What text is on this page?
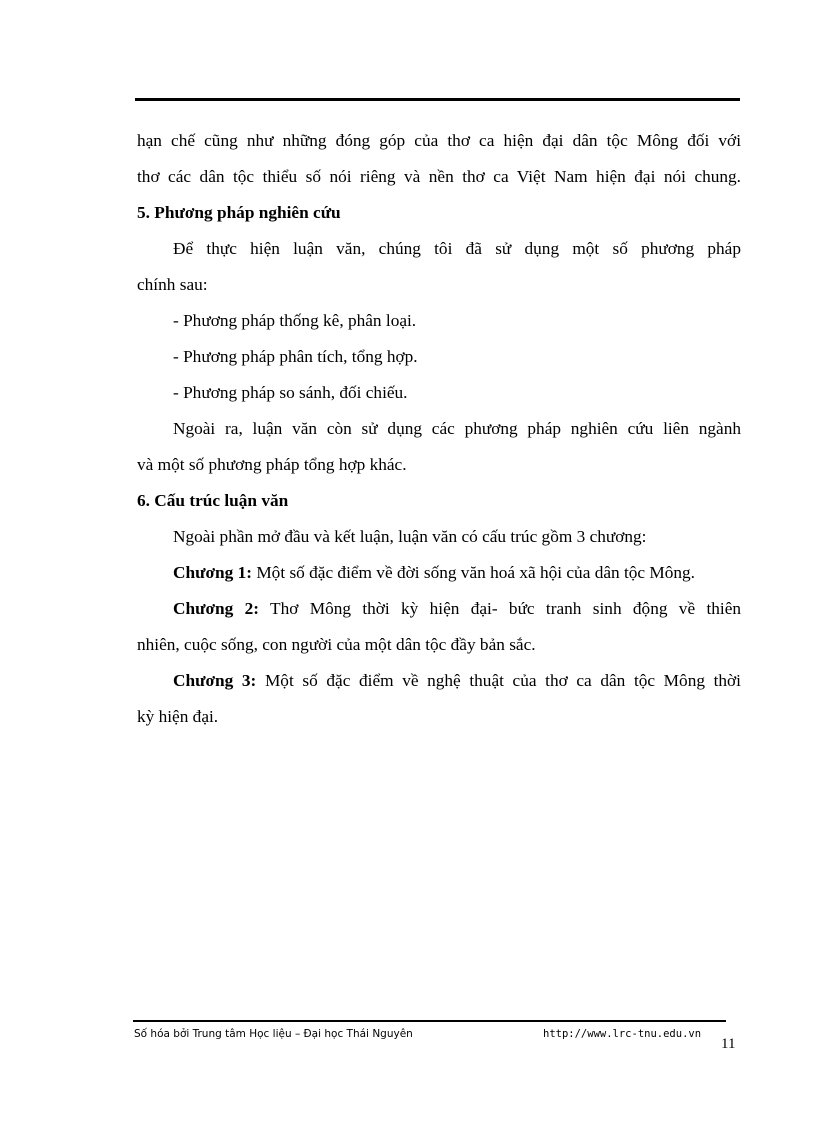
hạn chế cũng như những đóng góp của thơ ca hiện đại dân tộc Mông đối với
thơ các dân tộc thiểu số nói riêng và nền thơ ca Việt Nam hiện đại nói chung.
5. Phương pháp nghiên cứu
Để thực hiện luận văn, chúng tôi đã sử dụng một số phương pháp
chính sau:
- Phương pháp thống kê, phân loại.
- Phương pháp phân tích, tổng hợp.
- Phương pháp so sánh, đối chiếu.
Ngoài ra, luận văn còn sử dụng các phương pháp nghiên cứu liên ngành
và một số phương pháp tổng hợp khác.
6. Cấu trúc luận văn
Ngoài phần mở đầu và kết luận, luận văn có cấu trúc gồm 3 chương:
Chương 1: Một số đặc điểm về đời sống văn hoá xã hội của dân tộc Mông.
Chương 2: Thơ Mông thời kỳ hiện đại- bức tranh sinh động về thiên
nhiên, cuộc sống, con người của một dân tộc đầy bản sắc.
Chương 3: Một số đặc điểm về nghệ thuật của thơ ca dân tộc Mông thời
kỳ hiện đại.
Số hóa bởi Trung tâm Học liệu – Đại học Thái Nguyên	http://www.lrc-tnu.edu.vn
11
